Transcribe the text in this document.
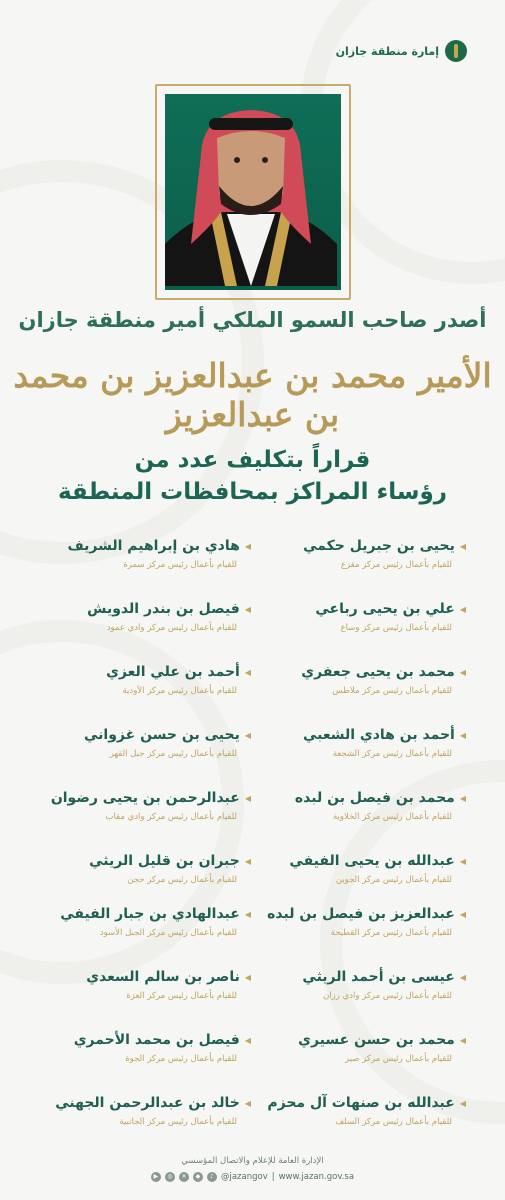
إمارة منطقة جازان
أصدر صاحب السمو الملكي أمير منطقة جازان
الأمير محمد بن عبدالعزيز بن محمد بن عبدالعزيز
قراراً بتكليف عدد من
رؤساء المراكز بمحافظات المنطقة
◀
يحيى بن جبريل حكمي
للقيام بأعمال رئيس مركز مقزع
◀
هادي بن إبراهيم الشريف
للقيام بأعمال رئيس مركز سمرة
◀
علي بن يحيى رباعي
للقيام بأعمال رئيس مركز وساع
◀
فيصل بن بندر الدويش
للقيام بأعمال رئيس مركز وادي عمود
◀
محمد بن يحيى جعفري
للقيام بأعمال رئيس مركز ملاطس
◀
أحمد بن علي العزي
للقيام بأعمال رئيس مركز الأودية
◀
أحمد بن هادي الشعبي
للقيام بأعمال رئيس مركز الشجعة
◀
يحيى بن حسن غزواني
للقيام بأعمال رئيس مركز جبل القهر
◀
محمد بن فيصل بن لبده
للقيام بأعمال رئيس مركز الخلاوية
◀
عبدالرحمن بن يحيى رضوان
للقيام بأعمال رئيس مركز وادي مقاب
◀
عبدالله بن يحيى الفيفي
للقيام بأعمال رئيس مركز الجوين
◀
جبران بن قليل الريثي
للقيام بأعمال رئيس مركز حجن
◀
عبدالعزيز بن فيصل بن لبده
للقيام بأعمال رئيس مركز القطيحة
◀
عبدالهادي بن جبار الفيفي
للقيام بأعمال رئيس مركز الجبل الأسود
◀
عيسى بن أحمد الريثي
للقيام بأعمال رئيس مركز وادي رزان
◀
ناصر بن سالم السعدي
للقيام بأعمال رئيس مركز العزة
◀
محمد بن حسن عسيري
للقيام بأعمال رئيس مركز صير
◀
فيصل بن محمد الأحمري
للقيام بأعمال رئيس مركز الجوة
◀
عبدالله بن صنهات آل محزم
للقيام بأعمال رئيس مركز السلف
◀
خالد بن عبدالرحمن الجهني
للقيام بأعمال رئيس مركز الجانبية
الإدارة العامة للإعلام والاتصال المؤسسي
▶	◎	✕	◆	♪ @jazangov | www.jazan.gov.sa
